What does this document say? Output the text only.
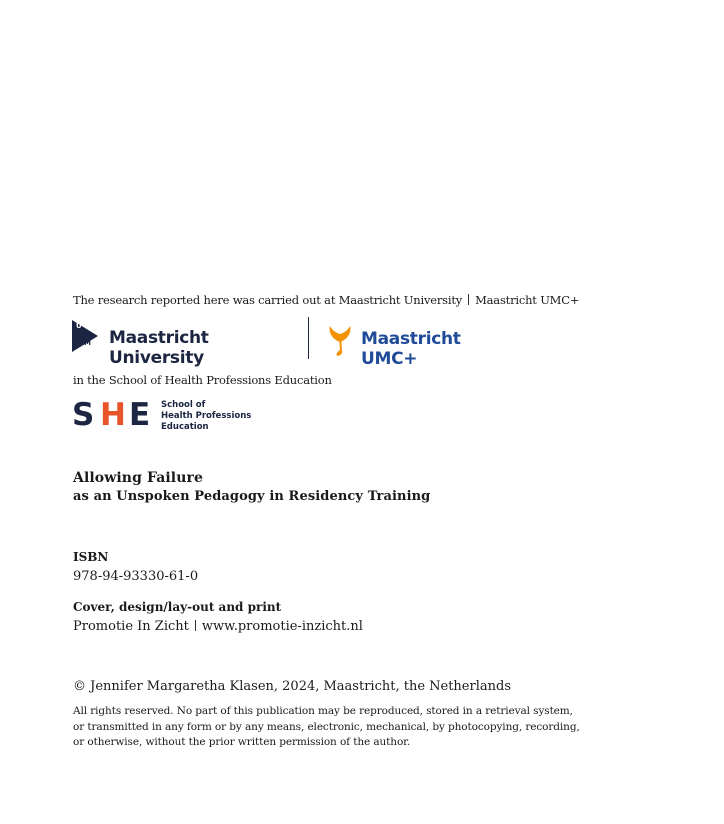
The research reported here was carried out at Maastricht University Maastricht UMC+
U
M Maastricht University
Maastricht UMC+
in the School of Health Professions Education
S H E School of
Health Professions
Education
Allowing Failure
as an Unspoken Pedagogy in Residency Training
ISBN
978-94-93330-61-0
Cover, design/lay-out and print
Promotie In Zicht www.promotie-inzicht.nl
© Jennifer Margaretha Klasen, 2024, Maastricht, the Netherlands
All rights reserved. No part of this publication may be reproduced, stored in a retrieval system,
or transmitted in any form or by any means, electronic, mechanical, by photocopying, recording,
or otherwise, without the prior written permission of the author.
